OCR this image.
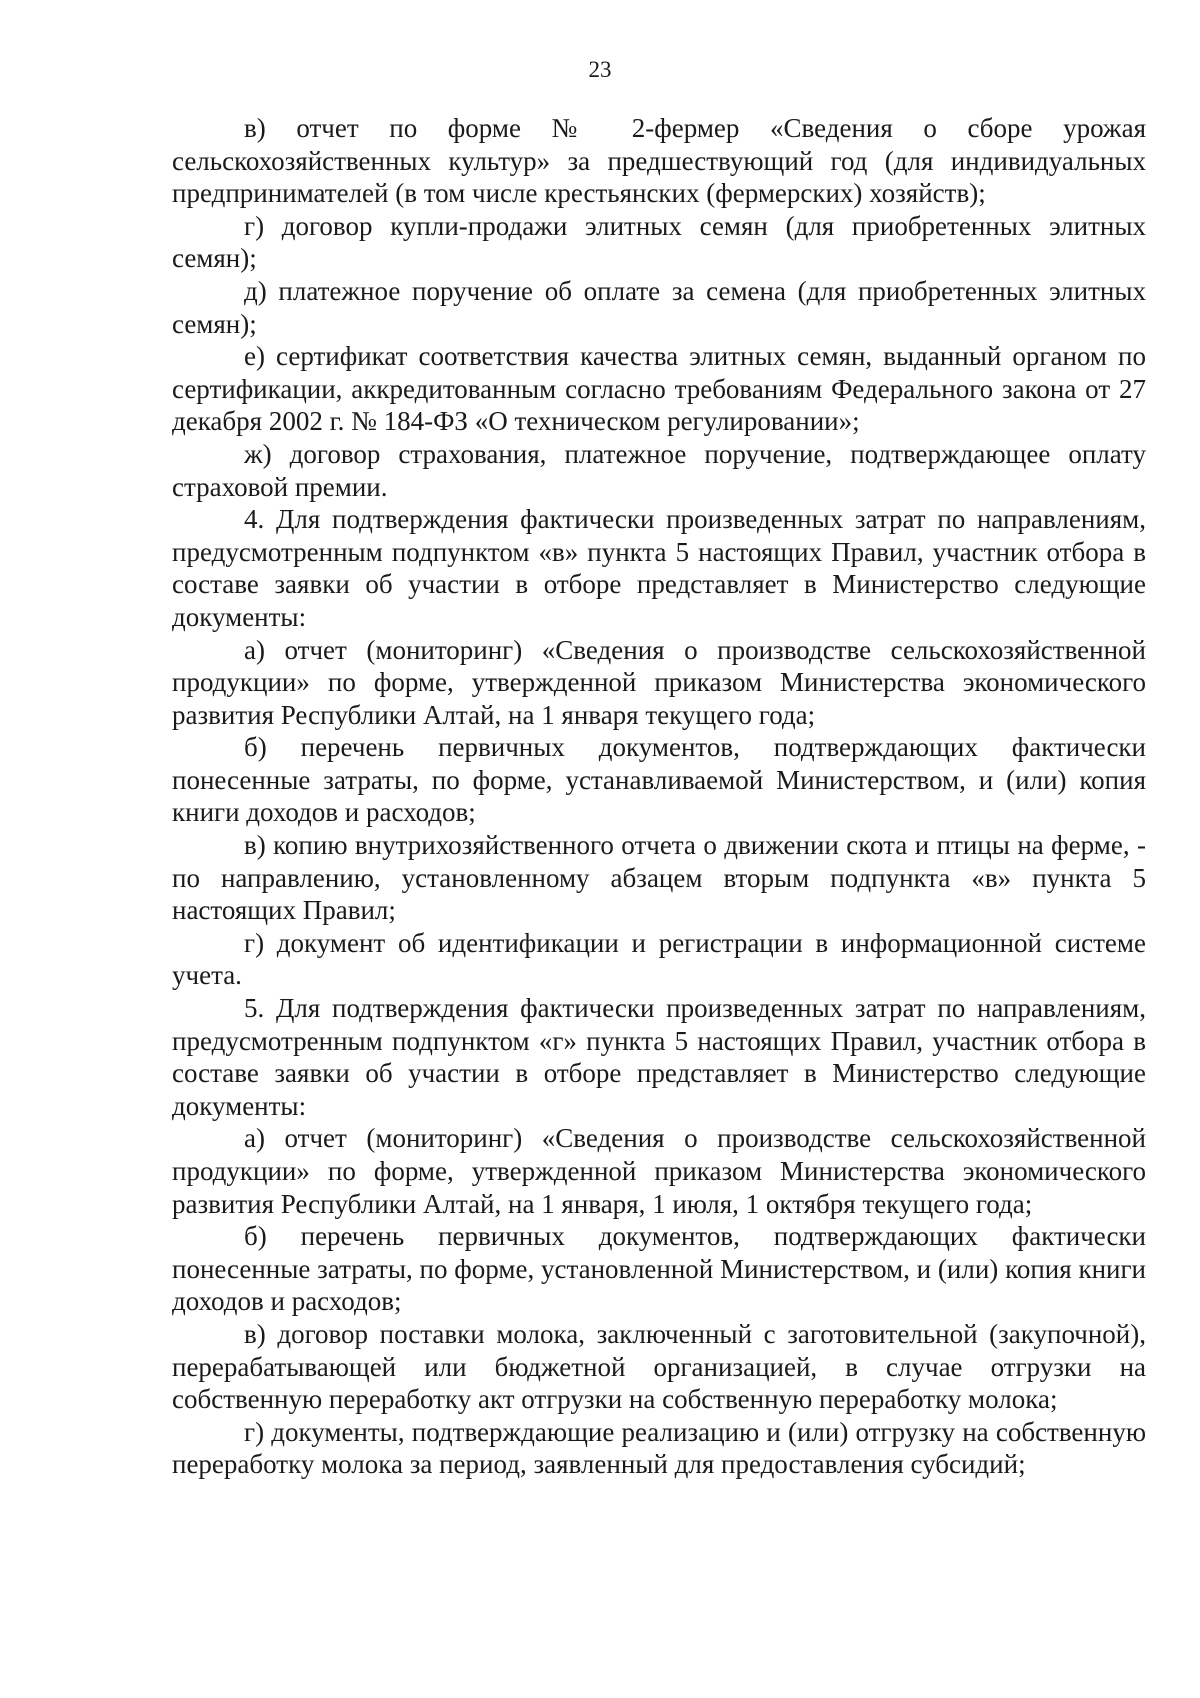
23

в) отчет по форме № 2-фермер «Сведения о сборе урожая сельскохозяйственных культур» за предшествующий год (для индивидуальных предпринимателей (в том числе крестьянских (фермерских) хозяйств);

г) договор купли-продажи элитных семян (для приобретенных элитных семян);

д) платежное поручение об оплате за семена (для приобретенных элитных семян);

е) сертификат соответствия качества элитных семян, выданный органом по сертификации, аккредитованным согласно требованиям Федерального закона от 27 декабря 2002 г. № 184-ФЗ «О техническом регулировании»;

ж) договор страхования, платежное поручение, подтверждающее оплату страховой премии.

4. Для подтверждения фактически произведенных затрат по направлениям, предусмотренным подпунктом «в» пункта 5 настоящих Правил, участник отбора в составе заявки об участии в отборе представляет в Министерство следующие документы:

а) отчет (мониторинг) «Сведения о производстве сельскохозяйственной продукции» по форме, утвержденной приказом Министерства экономического развития Республики Алтай, на 1 января текущего года;

б) перечень первичных документов, подтверждающих фактически понесенные затраты, по форме, устанавливаемой Министерством, и (или) копия книги доходов и расходов;

в) копию внутрихозяйственного отчета о движении скота и птицы на ферме, - по направлению, установленному абзацем вторым подпункта «в» пункта 5 настоящих Правил;

г) документ об идентификации и регистрации в информационной системе учета.

5. Для подтверждения фактически произведенных затрат по направлениям, предусмотренным подпунктом «г» пункта 5 настоящих Правил, участник отбора в составе заявки об участии в отборе представляет в Министерство следующие документы:

а) отчет (мониторинг) «Сведения о производстве сельскохозяйственной продукции» по форме, утвержденной приказом Министерства экономического развития Республики Алтай, на 1 января, 1 июля, 1 октября текущего года;

б) перечень первичных документов, подтверждающих фактически понесенные затраты, по форме, установленной Министерством, и (или) копия книги доходов и расходов;

в) договор поставки молока, заключенный с заготовительной (закупочной), перерабатывающей или бюджетной организацией, в случае отгрузки на собственную переработку акт отгрузки на собственную переработку молока;

г) документы, подтверждающие реализацию и (или) отгрузку на собственную переработку молока за период, заявленный для предоставления субсидий;
